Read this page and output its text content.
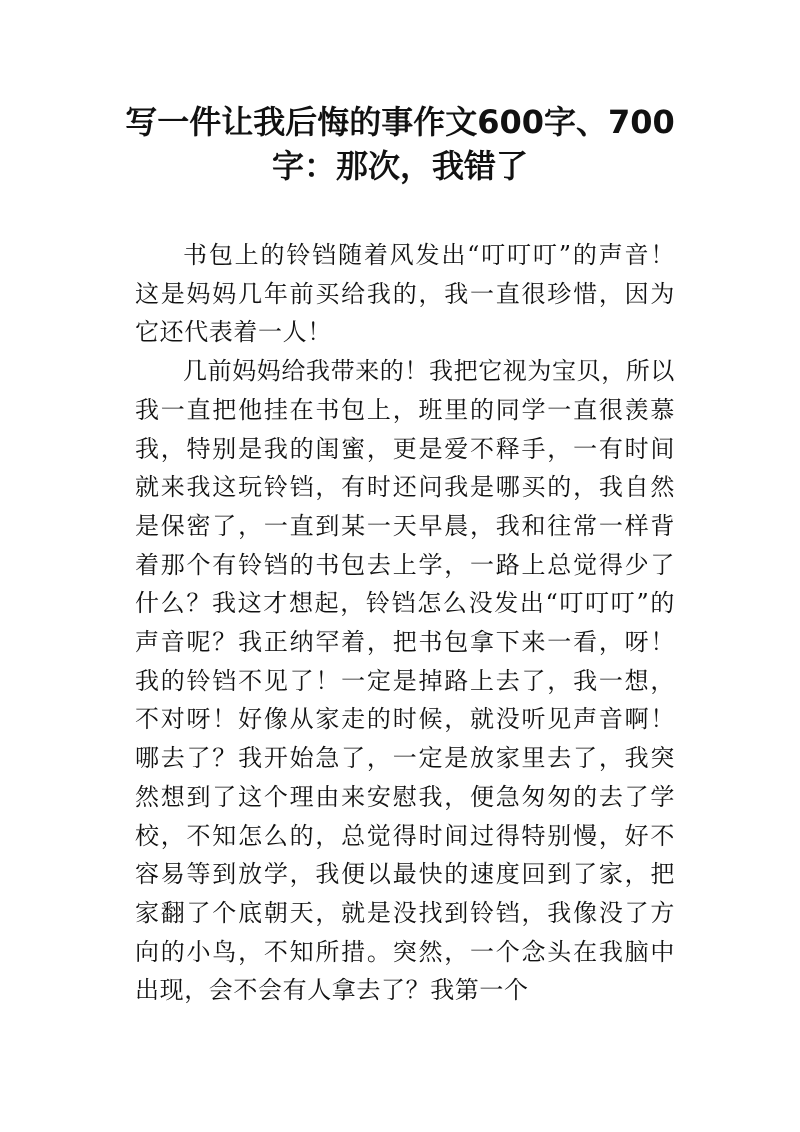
写一件让我后悔的事作文600字、700
字：那次，我错了

书包上的铃铛随着风发出“叮叮叮”的声音！这是妈妈几年前买给我的，我一直很珍惜，因为它还代表着一人！

几前妈妈给我带来的！我把它视为宝贝，所以我一直把他挂在书包上，班里的同学一直很羡慕我，特别是我的闺蜜，更是爱不释手，一有时间就来我这玩铃铛，有时还问我是哪买的，我自然是保密了，一直到某一天早晨，我和往常一样背着那个有铃铛的书包去上学，一路上总觉得少了什么？我这才想起，铃铛怎么没发出“叮叮叮”的声音呢？我正纳罕着，把书包拿下来一看，呀！我的铃铛不见了！一定是掉路上去了，我一想，不对呀！好像从家走的时候，就没听见声音啊！哪去了？我开始急了，一定是放家里去了，我突然想到了这个理由来安慰我，便急匆匆的去了学校，不知怎么的，总觉得时间过得特别慢，好不容易等到放学，我便以最快的速度回到了家，把家翻了个底朝天，就是没找到铃铛，我像没了方向的小鸟，不知所措。突然，一个念头在我脑中出现，会不会有人拿去了？我第一个
